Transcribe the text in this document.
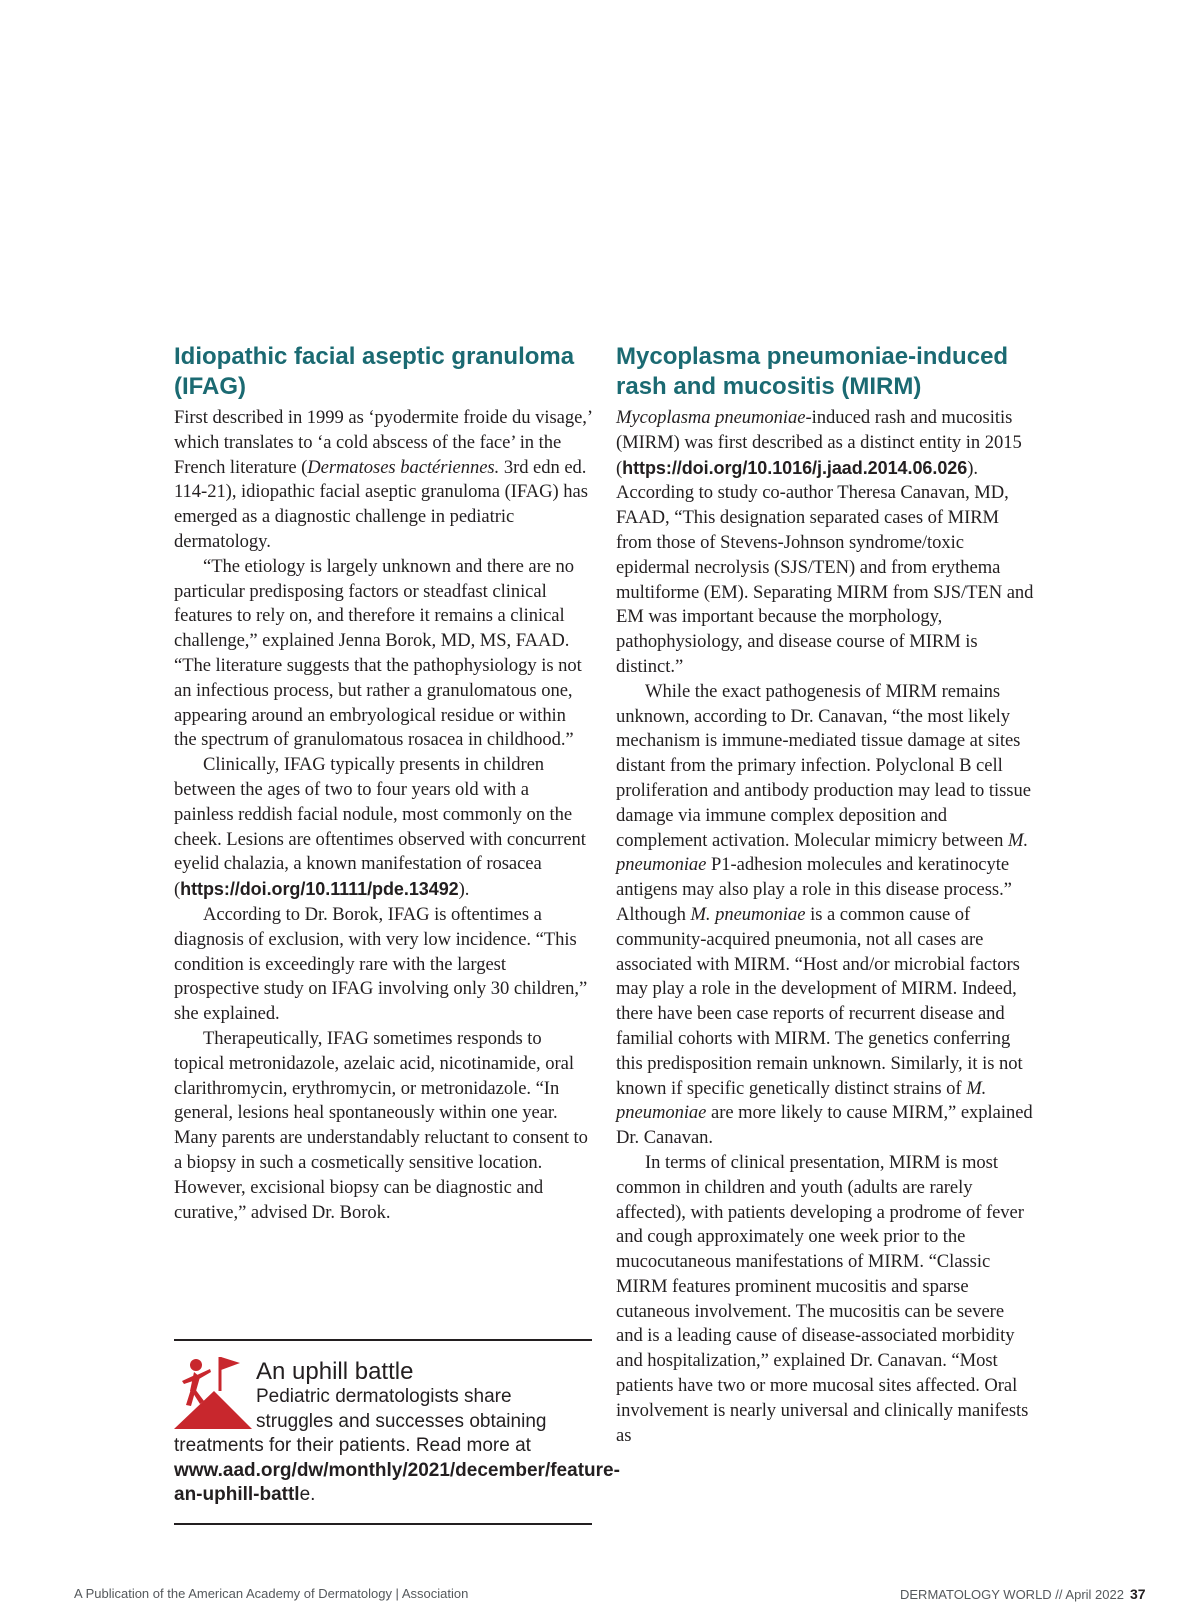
Idiopathic facial aseptic granuloma (IFAG)

First described in 1999 as ‘pyodermite froide du visage,’ which translates to ‘a cold abscess of the face’ in the French literature (Dermatoses bactériennes. 3rd edn ed. 114-21), idiopathic facial aseptic granuloma (IFAG) has emerged as a diagnostic challenge in pediatric dermatology.

“The etiology is largely unknown and there are no particular predisposing factors or steadfast clinical features to rely on, and therefore it remains a clinical challenge,” explained Jenna Borok, MD, MS, FAAD. “The literature suggests that the pathophysiology is not an infectious process, but rather a granulomatous one, appearing around an embryological residue or within the spectrum of granulomatous rosacea in childhood.”

Clinically, IFAG typically presents in children between the ages of two to four years old with a painless reddish facial nodule, most commonly on the cheek. Lesions are oftentimes observed with concurrent eyelid chalazia, a known manifestation of rosacea (https://doi.org/10.1111/pde.13492).

According to Dr. Borok, IFAG is oftentimes a diagnosis of exclusion, with very low incidence. “This condition is exceedingly rare with the largest prospective study on IFAG involving only 30 children,” she explained.

Therapeutically, IFAG sometimes responds to topical metronidazole, azelaic acid, nicotinamide, oral clarithromycin, erythromycin, or metronidazole. “In general, lesions heal spontaneously within one year. Many parents are understandably reluctant to consent to a biopsy in such a cosmetically sensitive location. However, excisional biopsy can be diagnostic and curative,” advised Dr. Borok.

An uphill battle
Pediatric dermatologists share struggles and successes obtaining
treatments for their patients. Read more at www.aad.org/dw/monthly/2021/december/feature-an-uphill-battle.
Mycoplasma pneumoniae-induced rash and mucositis (MIRM)

Mycoplasma pneumoniae-induced rash and mucositis (MIRM) was first described as a distinct entity in 2015 (https://doi.org/10.1016/j.jaad.2014.06.026). According to study co-author Theresa Canavan, MD, FAAD, “This designation separated cases of MIRM from those of Stevens-Johnson syndrome/toxic epidermal necrolysis (SJS/TEN) and from erythema multiforme (EM). Separating MIRM from SJS/TEN and EM was important because the morphology, pathophysiology, and disease course of MIRM is distinct.”

While the exact pathogenesis of MIRM remains unknown, according to Dr. Canavan, “the most likely mechanism is immune-mediated tissue damage at sites distant from the primary infection. Polyclonal B cell proliferation and antibody production may lead to tissue damage via immune complex deposition and complement activation. Molecular mimicry between M. pneumoniae P1-adhesion molecules and keratinocyte antigens may also play a role in this disease process.” Although M. pneumoniae is a common cause of community-acquired pneumonia, not all cases are associated with MIRM. “Host and/or microbial factors may play a role in the development of MIRM. Indeed, there have been case reports of recurrent disease and familial cohorts with MIRM. The genetics conferring this predisposition remain unknown. Similarly, it is not known if specific genetically distinct strains of M. pneumoniae are more likely to cause MIRM,” explained Dr. Canavan.

In terms of clinical presentation, MIRM is most common in children and youth (adults are rarely affected), with patients developing a prodrome of fever and cough approximately one week prior to the mucocutaneous manifestations of MIRM. “Classic MIRM features prominent mucositis and sparse cutaneous involvement. The mucositis can be severe and is a leading cause of disease-associated morbidity and hospitalization,” explained Dr. Canavan. “Most patients have two or more mucosal sites affected. Oral involvement is nearly universal and clinically manifests as

A Publication of the American Academy of Dermatology | Association	DERMATOLOGY WORLD // April 2022 37
